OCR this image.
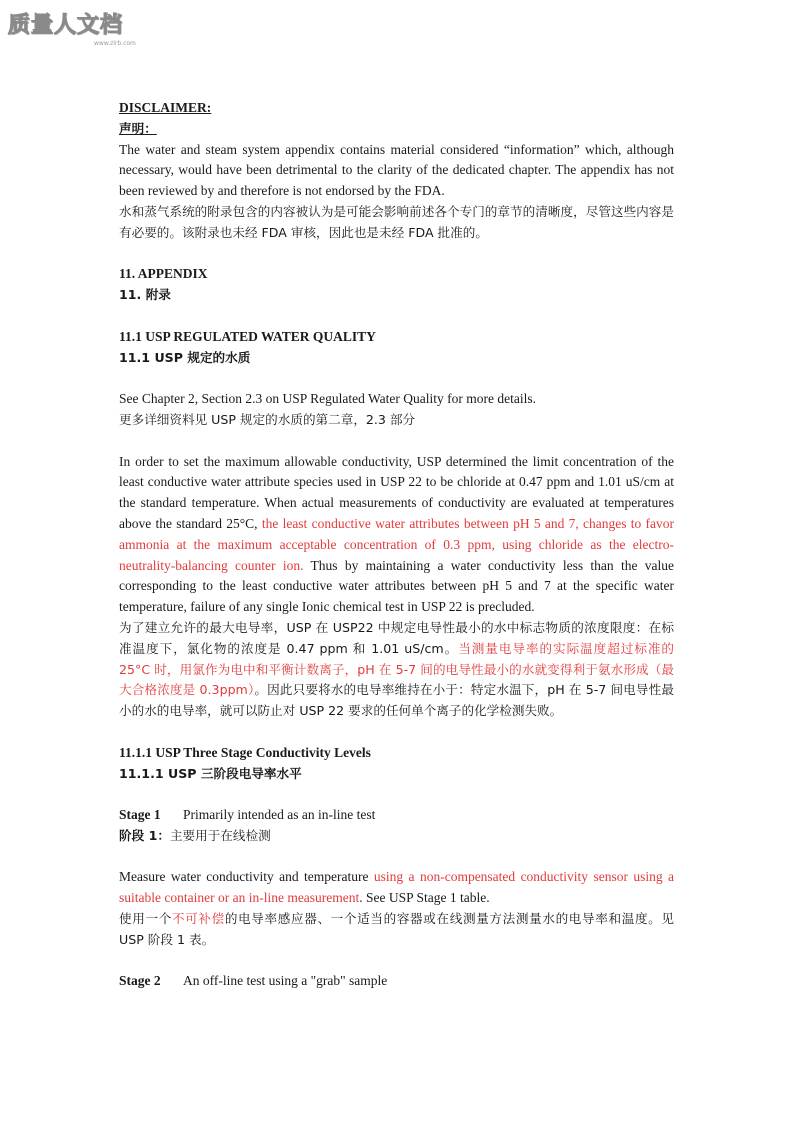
质量人文档
www.zlrb.com

DISCLAIMER:

声明：

The water and steam system appendix contains material considered “information” which, although necessary, would have been detrimental to the clarity of the dedicated chapter. The appendix has not been reviewed by and therefore is not endorsed by the FDA.

水和蒸气系统的附录包含的内容被认为是可能会影响前述各个专门的章节的清晰度，尽管这些内容是有必要的。该附录也未经 FDA 审核，因此也是未经 FDA 批准的。

11. APPENDIX

11. 附录

11.1 USP REGULATED WATER QUALITY

11.1 USP 规定的水质

See Chapter 2, Section 2.3 on USP Regulated Water Quality for more details.

更多详细资料见 USP 规定的水质的第二章，2.3 部分

In order to set the maximum allowable conductivity, USP determined the limit concentration of the least conductive water attribute species used in USP 22 to be chloride at 0.47 ppm and 1.01 uS/cm at the standard temperature. When actual measurements of conductivity are evaluated at temperatures above the standard 25°C, the least conductive water attributes between pH 5 and 7, changes to favor ammonia at the maximum acceptable concentration of 0.3 ppm, using chloride as the electro-neutrality-balancing counter ion. Thus by maintaining a water conductivity less than the value corresponding to the least conductive water attributes between pH 5 and 7 at the specific water temperature, failure of any single Ionic chemical test in USP 22 is precluded.

为了建立允许的最大电导率，USP 在 USP22 中规定电导性最小的水中标志物质的浓度限度：在标准温度下，氯化物的浓度是 0.47 ppm 和 1.01 uS/cm。当测量电导率的实际温度超过标准的 25°C 时，用氯作为电中和平衡计数离子，pH 在 5-7 间的电导性最小的水就变得利于氨水形成（最大合格浓度是 0.3ppm）。因此只要将水的电导率维持在小于：特定水温下，pH 在 5-7 间电导性最小的水的电导率，就可以防止对 USP 22 要求的任何单个离子的化学检测失败。

11.1.1 USP Three Stage Conductivity Levels

11.1.1 USP 三阶段电导率水平

Stage 1 Primarily intended as an in-line test

阶段 1：主要用于在线检测

Measure water conductivity and temperature using a non-compensated conductivity sensor using a suitable container or an in-line measurement. See USP Stage 1 table.

使用一个不可补偿的电导率感应器、一个适当的容器或在线测量方法测量水的电导率和温度。见 USP 阶段 1 表。

Stage 2 An off-line test using a "grab" sample
